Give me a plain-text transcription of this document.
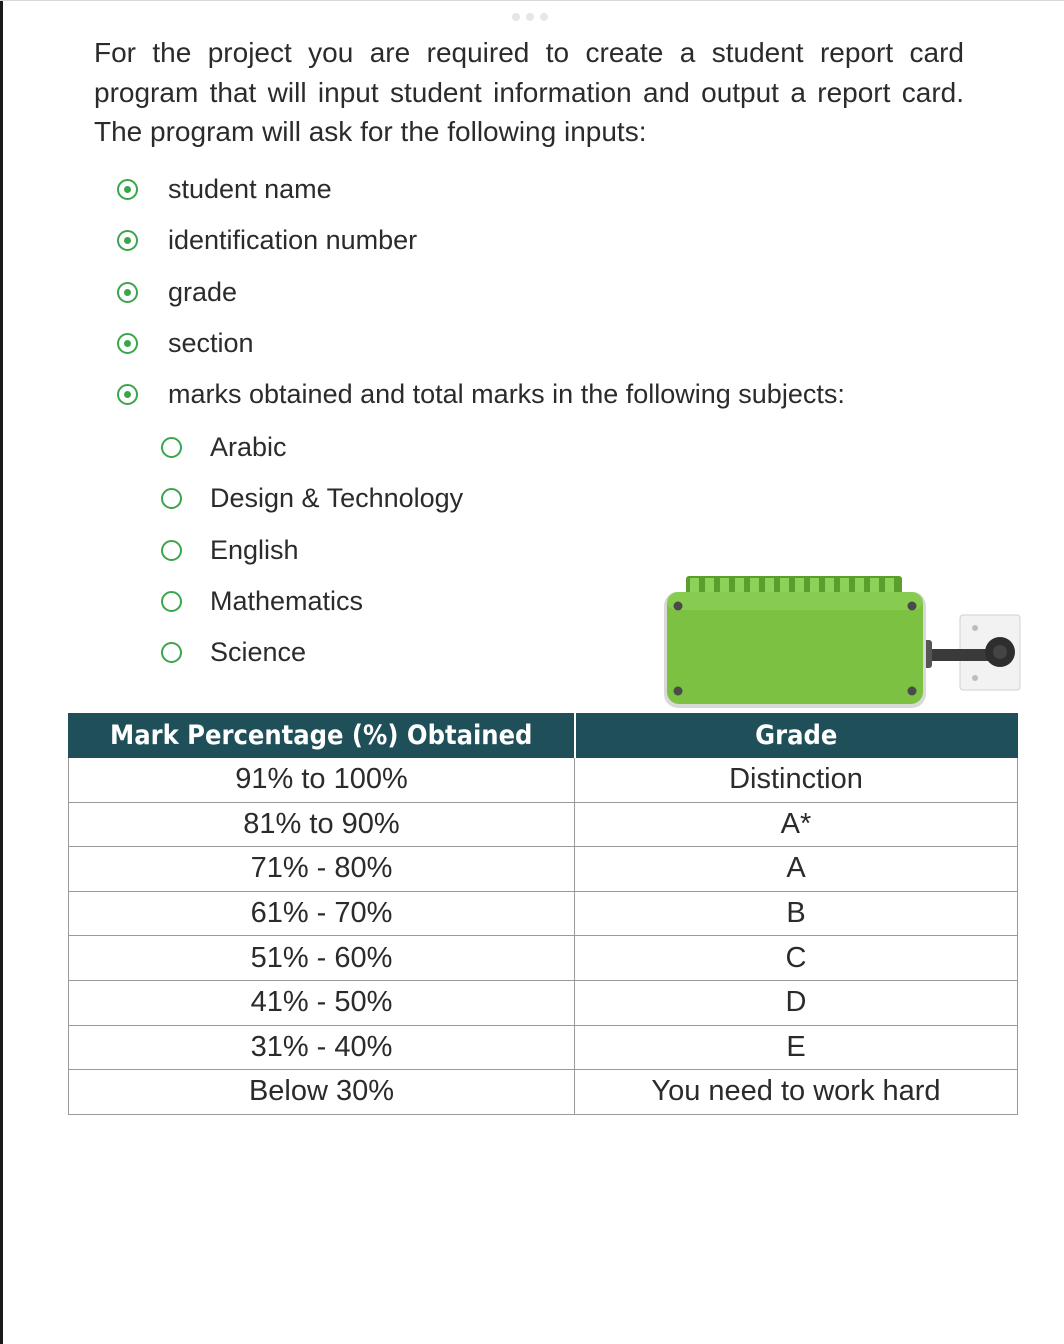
For the project you are required to create a student report card program that will input student information and output a report card. The program will ask for the following inputs:

student name
identification number
grade
section
marks obtained and total marks in the following subjects:
Arabic
Design & Technology
English
Mathematics
Science
Mark Percentage (%) Obtained	Grade
91% to 100%	Distinction
81% to 90%	A*
71% - 80%	A
61% - 70%	B
51% - 60%	C
41% - 50%	D
31% - 40%	E
Below 30%	You need to work hard
